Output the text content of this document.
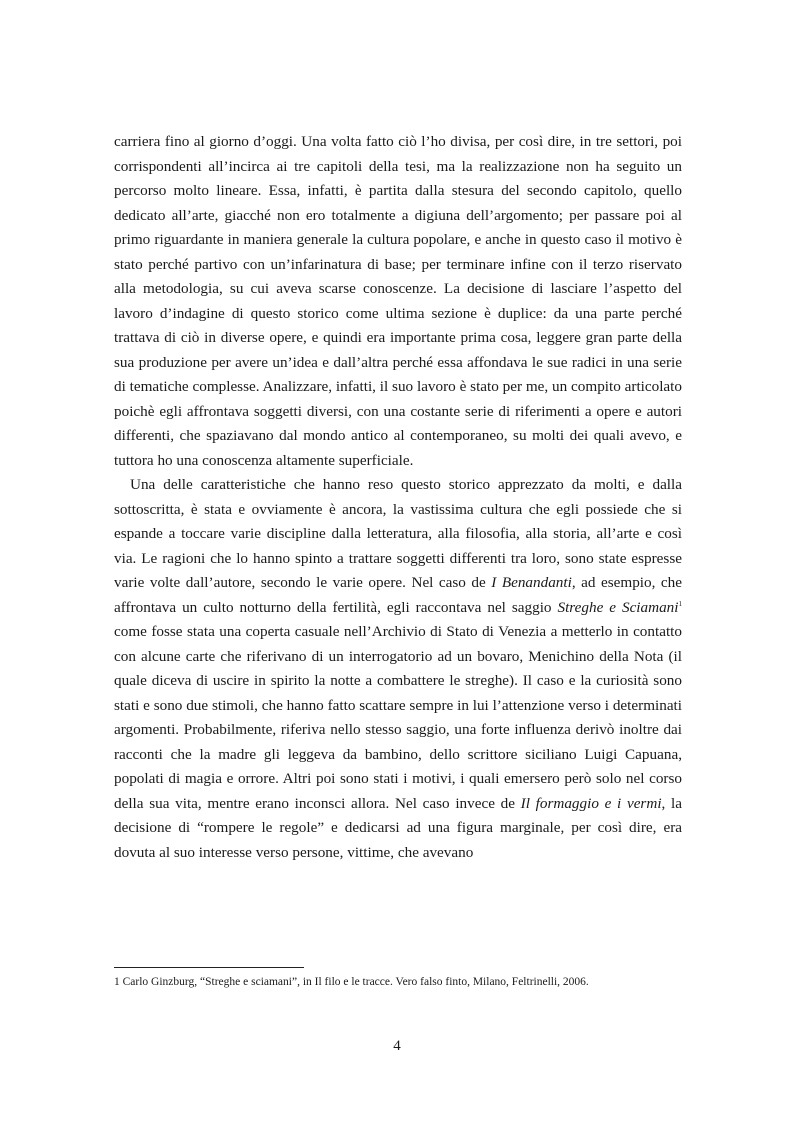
carriera fino al giorno d’oggi. Una volta fatto ciò l’ho divisa, per così dire, in tre settori, poi corrispondenti all’incirca ai tre capitoli della tesi, ma la realizzazione non ha seguito un percorso molto lineare. Essa, infatti, è partita dalla stesura del secondo capitolo, quello dedicato all’arte, giacché non ero totalmente a digiuna dell’argomento; per passare poi al primo riguardante in maniera generale la cultura popolare, e anche in questo caso il motivo è stato perché partivo con un’infarinatura di base; per terminare infine con il terzo riservato alla metodologia, su cui aveva scarse conoscenze. La decisione di lasciare l’aspetto del lavoro d’indagine di questo storico come ultima sezione è duplice: da una parte perché trattava di ciò in diverse opere, e quindi era importante prima cosa, leggere gran parte della sua produzione per avere un’idea e dall’altra perché essa affondava le sue radici in una serie di tematiche complesse. Analizzare, infatti, il suo lavoro è stato per me, un compito articolato poichè egli affrontava soggetti diversi, con una costante serie di riferimenti a opere e autori differenti, che spaziavano dal mondo antico al contemporaneo, su molti dei quali avevo, e tuttora ho una conoscenza altamente superficiale.

Una delle caratteristiche che hanno reso questo storico apprezzato da molti, e dalla sottoscritta, è stata e ovviamente è ancora, la vastissima cultura che egli possiede che si espande a toccare varie discipline dalla letteratura, alla filosofia, alla storia, all’arte e così via. Le ragioni che lo hanno spinto a trattare soggetti differenti tra loro, sono state espresse varie volte dall’autore, secondo le varie opere. Nel caso de I Benandanti, ad esempio, che affrontava un culto notturno della fertilità, egli raccontava nel saggio Streghe e Sciamani$^1$ come fosse stata una coperta casuale nell’Archivio di Stato di Venezia a metterlo in contatto con alcune carte che riferivano di un interrogatorio ad un bovaro, Menichino della Nota (il quale diceva di uscire in spirito la notte a combattere le streghe). Il caso e la curiosità sono stati e sono due stimoli, che hanno fatto scattare sempre in lui l’attenzione verso i determinati argomenti. Probabilmente, riferiva nello stesso saggio, una forte influenza derivò inoltre dai racconti che la madre gli leggeva da bambino, dello scrittore siciliano Luigi Capuana, popolati di magia e orrore. Altri poi sono stati i motivi, i quali emersero però solo nel corso della sua vita, mentre erano inconsci allora. Nel caso invece de Il formaggio e i vermi, la decisione di “rompere le regole” e dedicarsi ad una figura marginale, per così dire, era dovuta al suo interesse verso persone, vittime, che avevano

1 Carlo Ginzburg, “Streghe e sciamani”, in Il filo e le tracce. Vero falso finto, Milano, Feltrinelli, 2006.

4
